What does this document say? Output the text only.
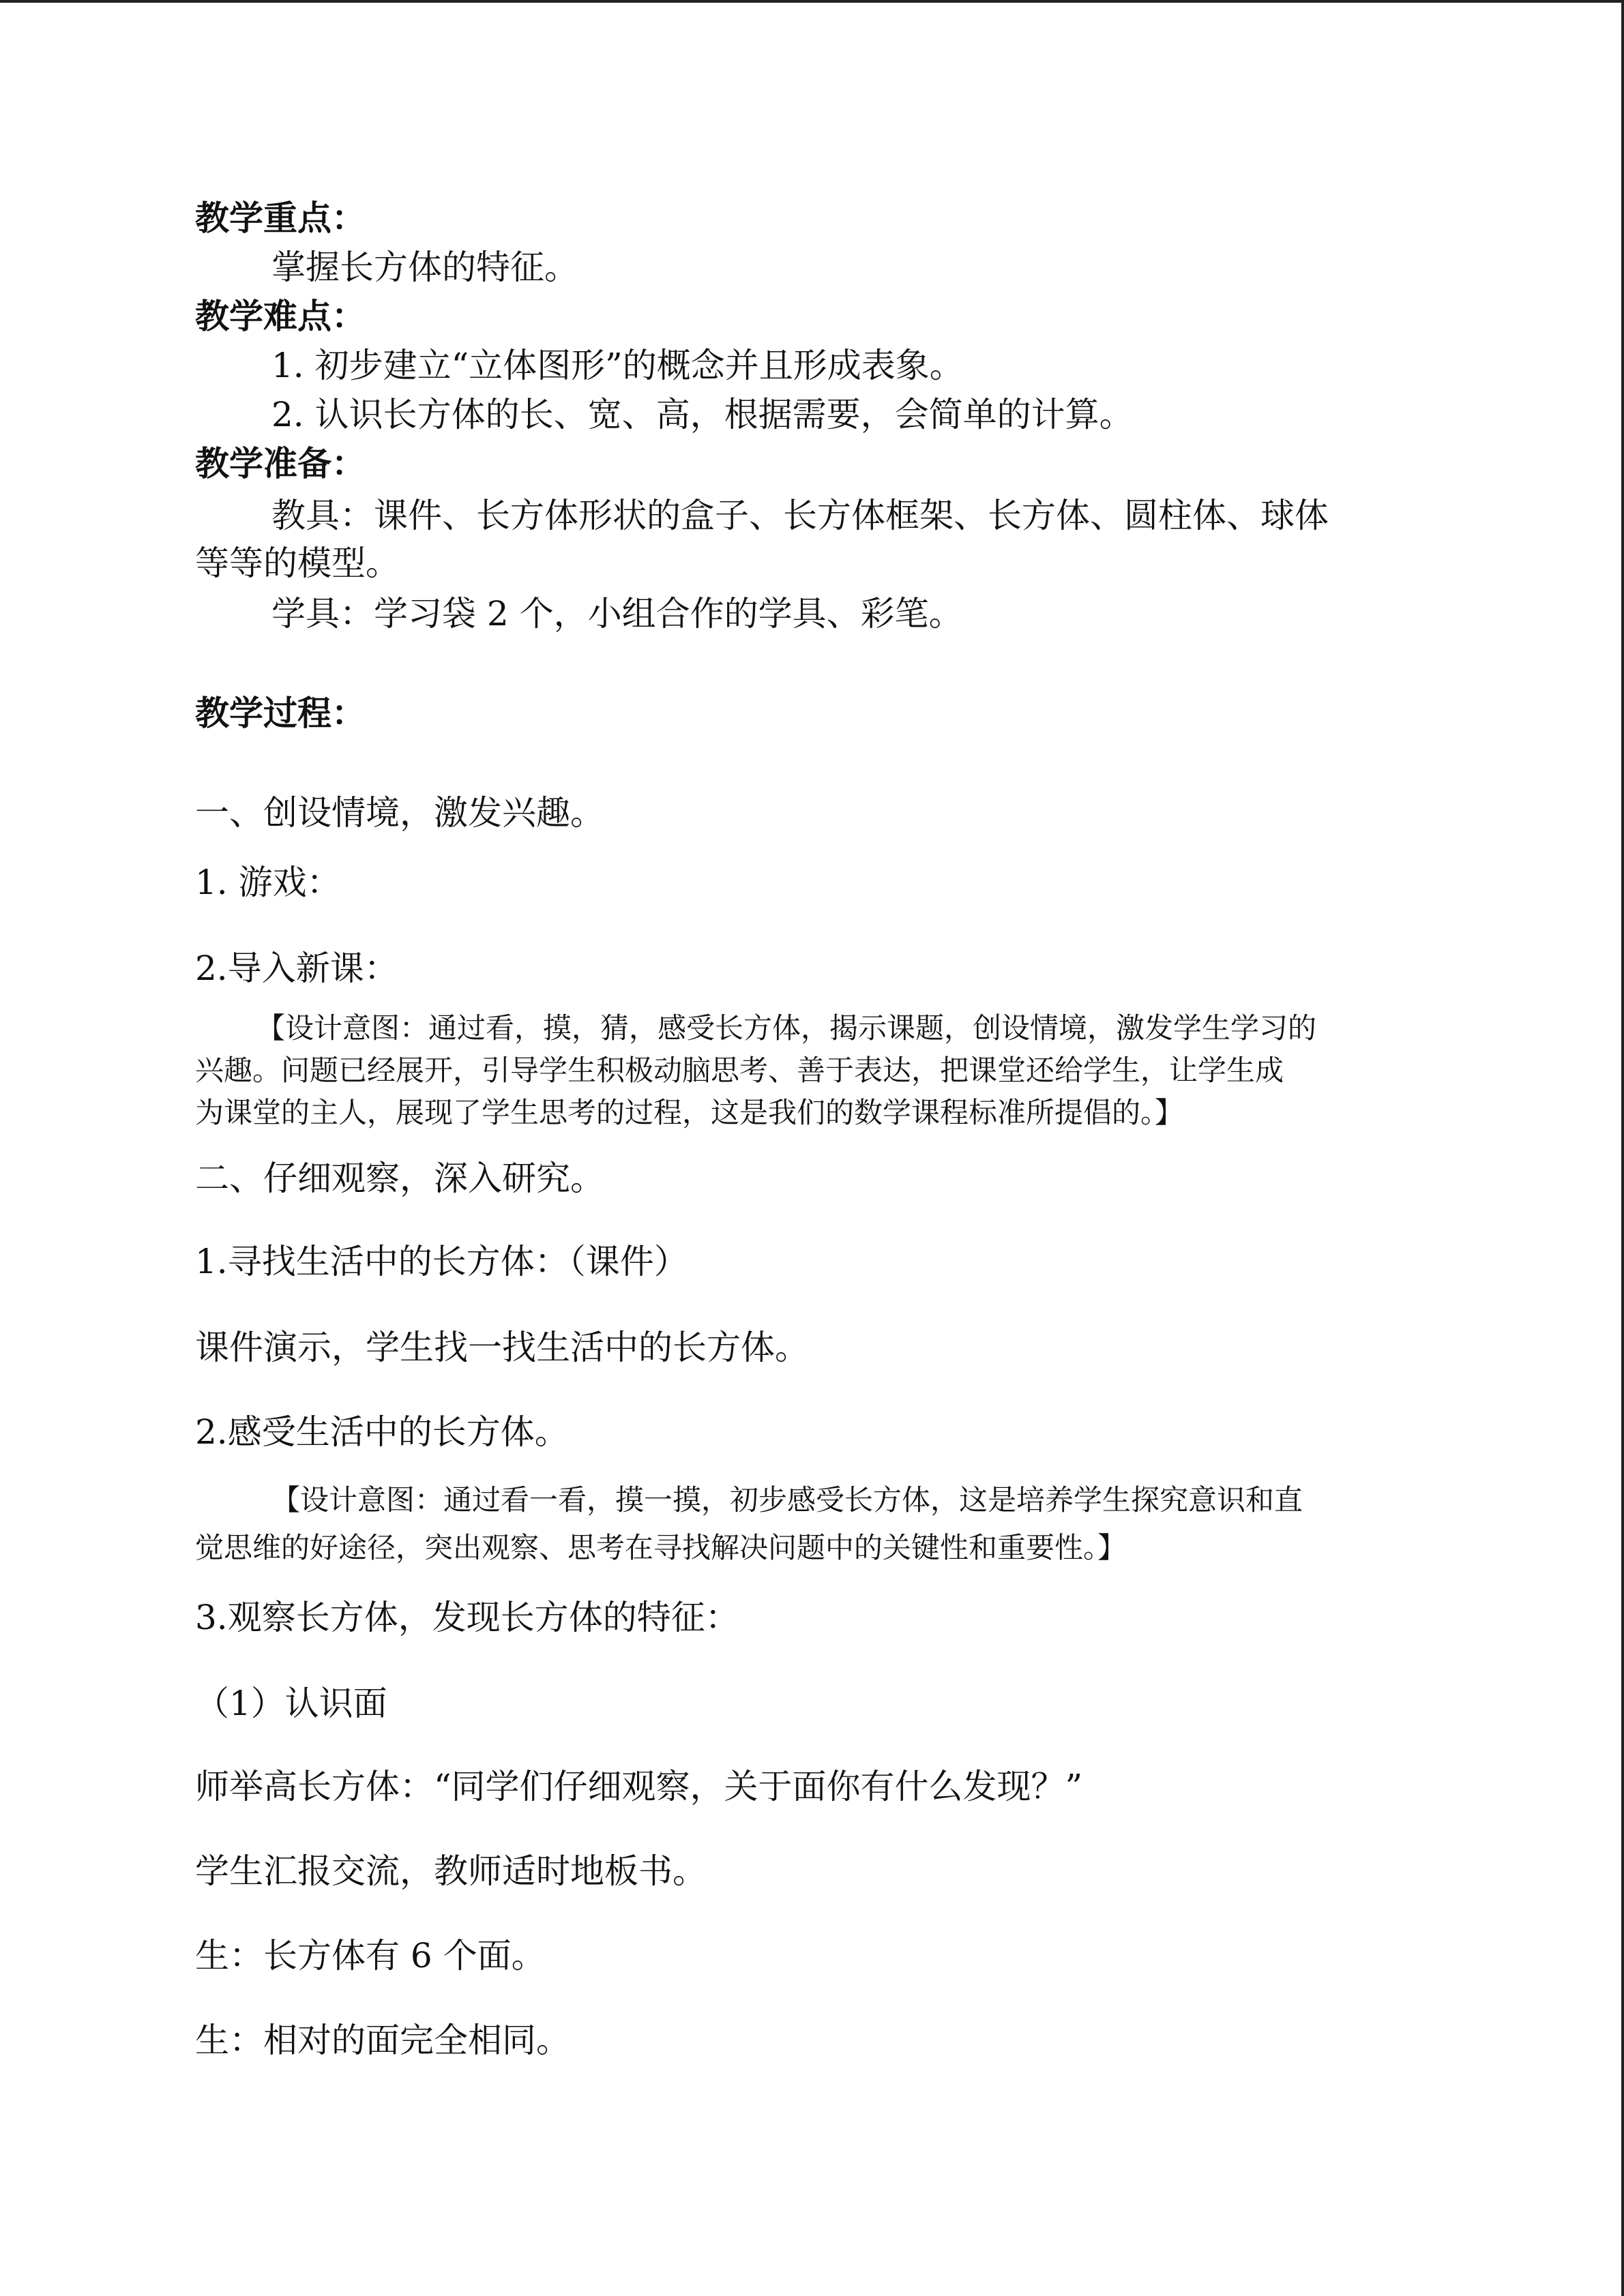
教学重点：
掌握长方体的特征。
教学难点：
1. 初步建立“立体图形”的概念并且形成表象。
2. 认识长方体的长、宽、高，根据需要，会简单的计算。
教学准备：
教具：课件、长方体形状的盒子、长方体框架、长方体、圆柱体、球体
等等的模型。
学具：学习袋 2 个，小组合作的学具、彩笔。
教学过程：
一、创设情境，激发兴趣。
1. 游戏：
2.导入新课：
【设计意图：通过看，摸，猜，感受长方体，揭示课题，创设情境，激发学生学习的
兴趣。问题已经展开，引导学生积极动脑思考、善于表达，把课堂还给学生，让学生成
为课堂的主人，展现了学生思考的过程，这是我们的数学课程标准所提倡的。】
二、仔细观察，深入研究。
1.寻找生活中的长方体：（课件）
课件演示，学生找一找生活中的长方体。
2.感受生活中的长方体。
【设计意图：通过看一看，摸一摸，初步感受长方体，这是培养学生探究意识和直
觉思维的好途径，突出观察、思考在寻找解决问题中的关键性和重要性。】
3.观察长方体，发现长方体的特征：
（1）认识面
师举高长方体：“同学们仔细观察，关于面你有什么发现？”
学生汇报交流，教师适时地板书。
生：长方体有 6 个面。
生：相对的面完全相同。
